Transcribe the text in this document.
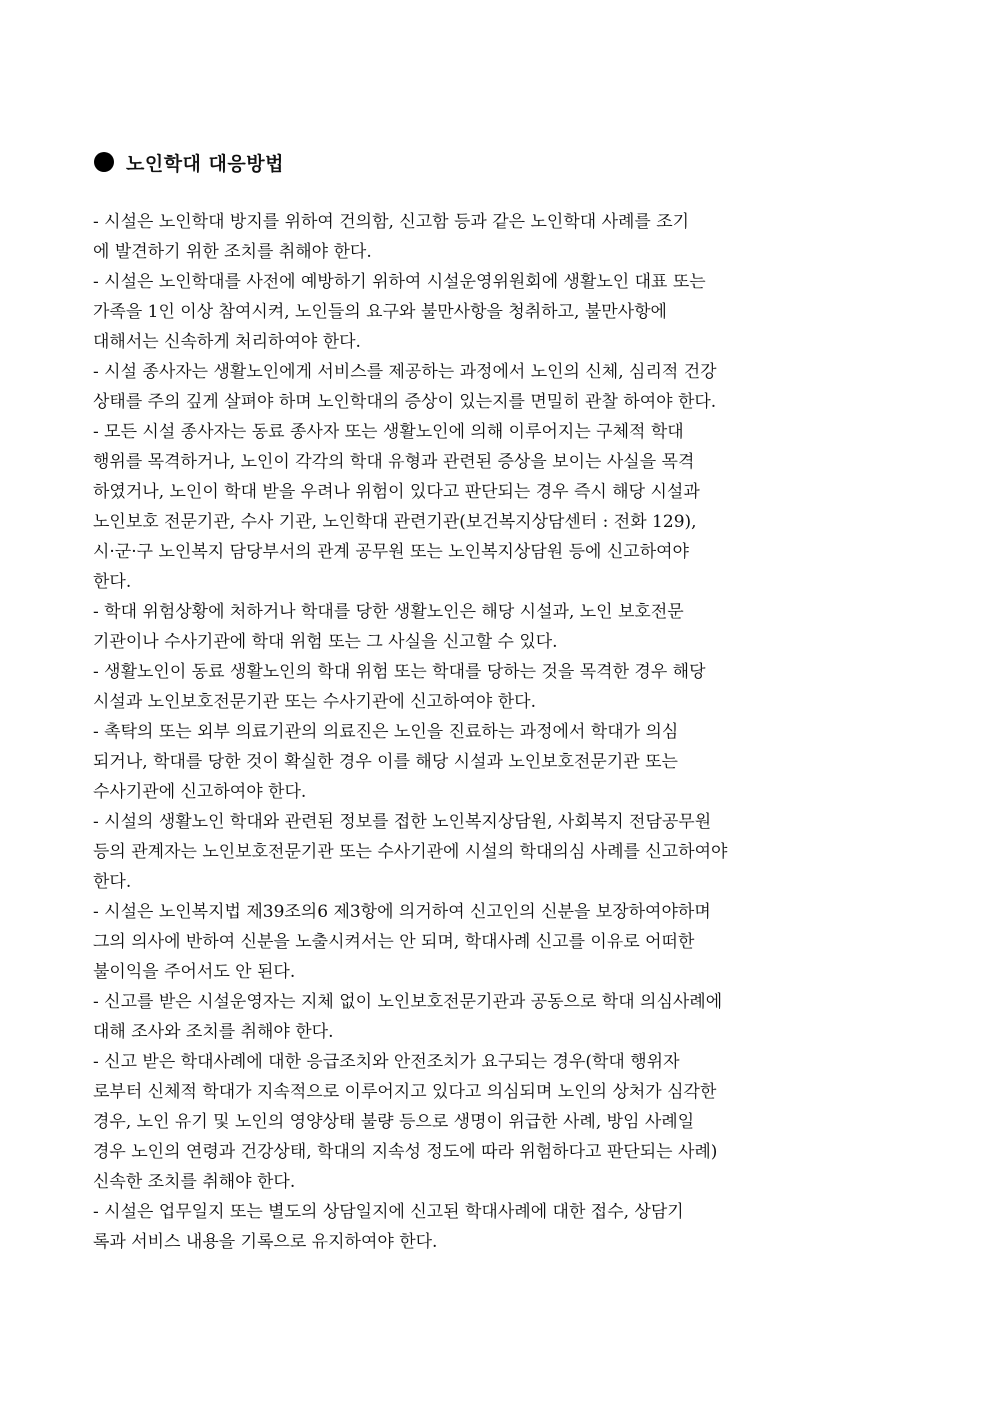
노인학대 대응방법
- 시설은 노인학대 방지를 위하여 건의함, 신고함 등과 같은 노인학대 사례를 조기
에 발견하기 위한 조치를 취해야 한다.
- 시설은 노인학대를 사전에 예방하기 위하여 시설운영위원회에 생활노인 대표 또는
가족을 1인 이상 참여시켜, 노인들의 요구와 불만사항을 청취하고, 불만사항에
대해서는 신속하게 처리하여야 한다.
- 시설 종사자는 생활노인에게 서비스를 제공하는 과정에서 노인의 신체, 심리적 건강
상태를 주의 깊게 살펴야 하며 노인학대의 증상이 있는지를 면밀히 관찰 하여야 한다.
- 모든 시설 종사자는 동료 종사자 또는 생활노인에 의해 이루어지는 구체적 학대
행위를 목격하거나, 노인이 각각의 학대 유형과 관련된 증상을 보이는 사실을 목격
하였거나, 노인이 학대 받을 우려나 위험이 있다고 판단되는 경우 즉시 해당 시설과
노인보호 전문기관, 수사 기관, 노인학대 관련기관(보건복지상담센터 : 전화 129),
시·군·구 노인복지 담당부서의 관계 공무원 또는 노인복지상담원 등에 신고하여야
한다.
- 학대 위험상황에 처하거나 학대를 당한 생활노인은 해당 시설과, 노인 보호전문
기관이나 수사기관에 학대 위험 또는 그 사실을 신고할 수 있다.
- 생활노인이 동료 생활노인의 학대 위험 또는 학대를 당하는 것을 목격한 경우 해당
시설과 노인보호전문기관 또는 수사기관에 신고하여야 한다.
- 촉탁의 또는 외부 의료기관의 의료진은 노인을 진료하는 과정에서 학대가 의심
되거나, 학대를 당한 것이 확실한 경우 이를 해당 시설과 노인보호전문기관 또는
수사기관에 신고하여야 한다.
- 시설의 생활노인 학대와 관련된 정보를 접한 노인복지상담원, 사회복지 전담공무원
등의 관계자는 노인보호전문기관 또는 수사기관에 시설의 학대의심 사례를 신고하여야
한다.
- 시설은 노인복지법 제39조의6 제3항에 의거하여 신고인의 신분을 보장하여야하며
그의 의사에 반하여 신분을 노출시켜서는 안 되며, 학대사례 신고를 이유로 어떠한
불이익을 주어서도 안 된다.
- 신고를 받은 시설운영자는 지체 없이 노인보호전문기관과 공동으로 학대 의심사례에
대해 조사와 조치를 취해야 한다.
- 신고 받은 학대사례에 대한 응급조치와 안전조치가 요구되는 경우(학대 행위자
로부터 신체적 학대가 지속적으로 이루어지고 있다고 의심되며 노인의 상처가 심각한
경우, 노인 유기 및 노인의 영양상태 불량 등으로 생명이 위급한 사례, 방임 사례일
경우 노인의 연령과 건강상태, 학대의 지속성 정도에 따라 위험하다고 판단되는 사례)
신속한 조치를 취해야 한다.
- 시설은 업무일지 또는 별도의 상담일지에 신고된 학대사례에 대한 접수, 상담기
록과 서비스 내용을 기록으로 유지하여야 한다.
